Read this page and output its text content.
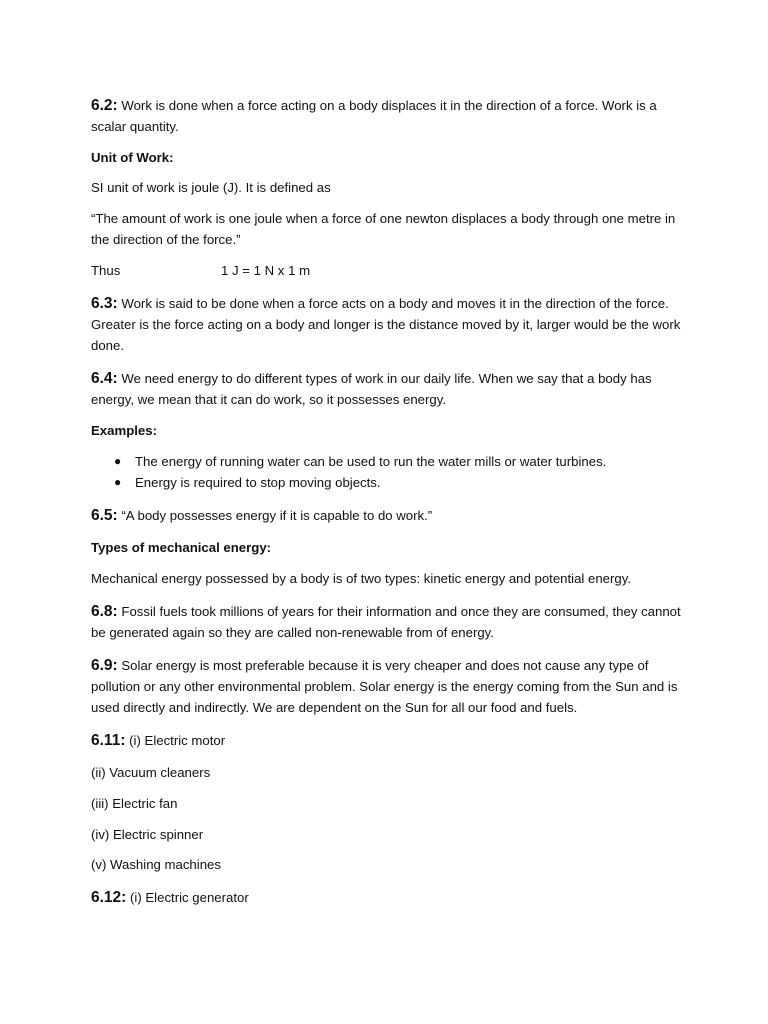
6.2: Work is done when a force acting on a body displaces it in the direction of a force. Work is a scalar quantity.

Unit of Work:

SI unit of work is joule (J). It is defined as

“The amount of work is one joule when a force of one newton displaces a body through one metre in the direction of the force.”

Thus	1 J = 1 N x 1 m

6.3: Work is said to be done when a force acts on a body and moves it in the direction of the force. Greater is the force acting on a body and longer is the distance moved by it, larger would be the work done.

6.4: We need energy to do different types of work in our daily life. When we say that a body has energy, we mean that it can do work, so it possesses energy.

Examples:

● The energy of running water can be used to run the water mills or water turbines.
● Energy is required to stop moving objects.

6.5: “A body possesses energy if it is capable to do work.”

Types of mechanical energy:

Mechanical energy possessed by a body is of two types: kinetic energy and potential energy.

6.8: Fossil fuels took millions of years for their information and once they are consumed, they cannot be generated again so they are called non-renewable from of energy.

6.9: Solar energy is most preferable because it is very cheaper and does not cause any type of pollution or any other environmental problem. Solar energy is the energy coming from the Sun and is used directly and indirectly. We are dependent on the Sun for all our food and fuels.

6.11: (i) Electric motor

(ii) Vacuum cleaners

(iii) Electric fan

(iv) Electric spinner

(v) Washing machines

6.12: (i) Electric generator
